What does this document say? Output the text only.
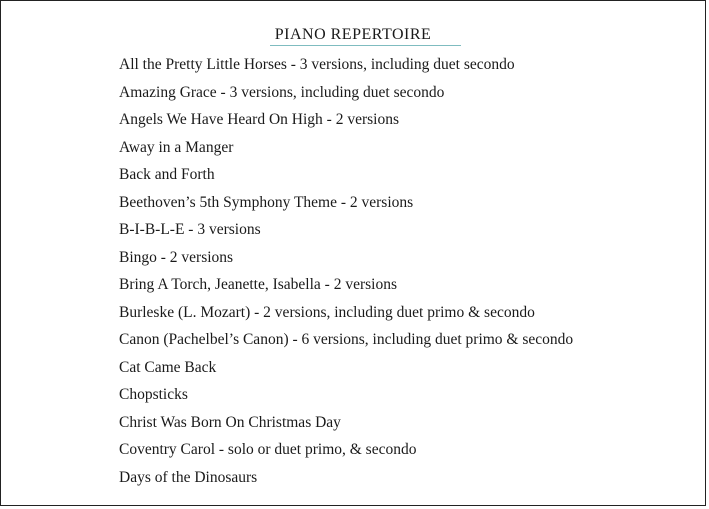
PIANO REPERTOIRE
All the Pretty Little Horses - 3 versions, including duet secondo
Amazing Grace - 3 versions, including duet secondo
Angels We Have Heard On High - 2 versions
Away in a Manger
Back and Forth
Beethoven’s 5th Symphony Theme - 2 versions
B-I-B-L-E - 3 versions
Bingo - 2 versions
Bring A Torch, Jeanette, Isabella - 2 versions
Burleske (L. Mozart) - 2 versions, including duet primo & secondo
Canon (Pachelbel’s Canon) - 6 versions, including duet primo & secondo
Cat Came Back
Chopsticks
Christ Was Born On Christmas Day
Coventry Carol - solo or duet primo, & secondo
Days of the Dinosaurs
